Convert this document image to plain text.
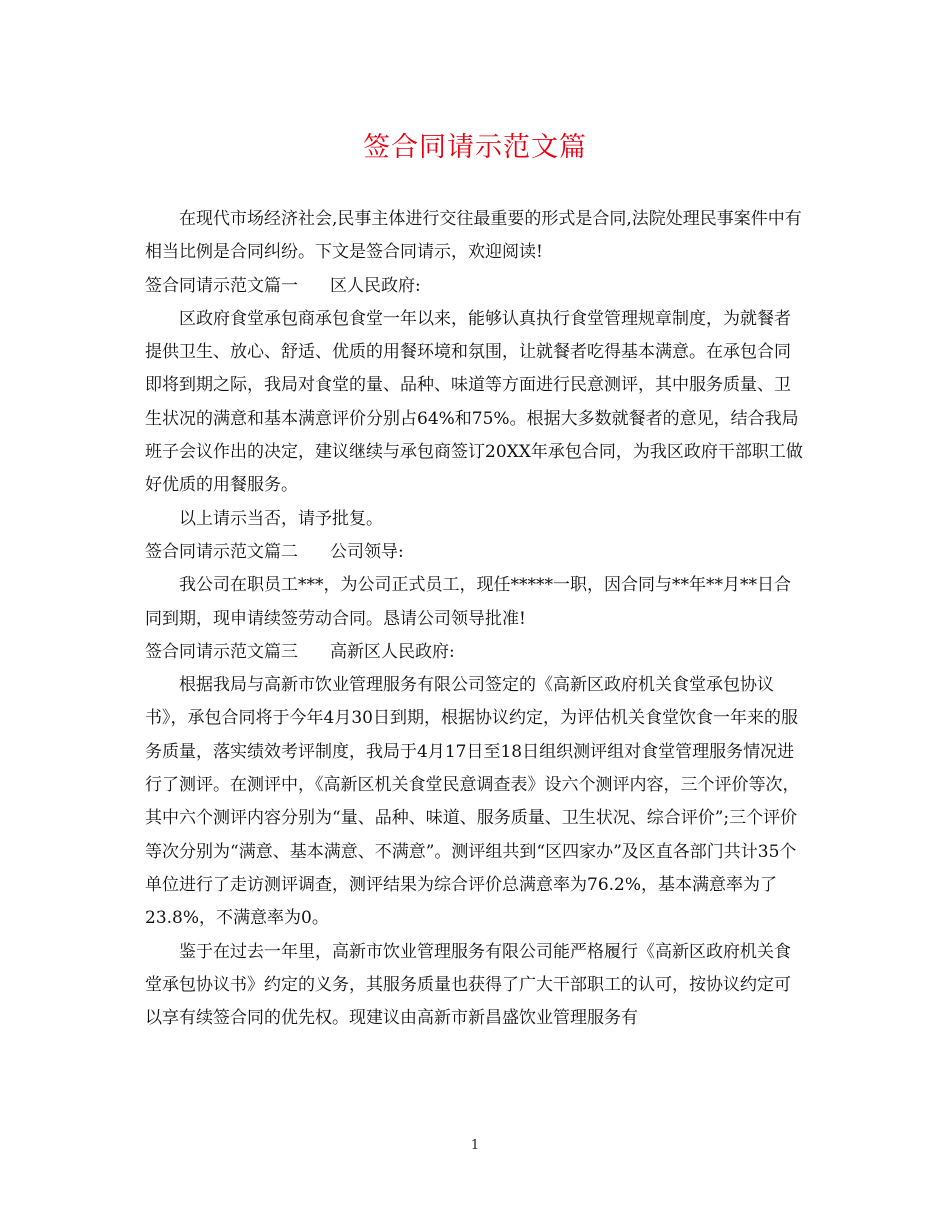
签合同请示范文篇

在现代市场经济社会,民事主体进行交往最重要的形式是合同,法院处理民事案件中有相当比例是合同纠纷。下文是签合同请示，欢迎阅读!

签合同请示范文篇一 区人民政府:

区政府食堂承包商承包食堂一年以来，能够认真执行食堂管理规章制度，为就餐者提供卫生、放心、舒适、优质的用餐环境和氛围，让就餐者吃得基本满意。在承包合同即将到期之际，我局对食堂的量、品种、味道等方面进行民意测评，其中服务质量、卫生状况的满意和基本满意评价分别占64%和75%。根据大多数就餐者的意见，结合我局班子会议作出的决定，建议继续与承包商签订20XX年承包合同，为我区政府干部职工做好优质的用餐服务。

以上请示当否，请予批复。

签合同请示范文篇二 公司领导:

我公司在职员工***，为公司正式员工，现任*****一职，因合同与**年**月**日合同到期，现申请续签劳动合同。恳请公司领导批准!

签合同请示范文篇三 高新区人民政府:

根据我局与高新市饮业管理服务有限公司签定的《高新区政府机关食堂承包协议书》，承包合同将于今年4月30日到期，根据协议约定，为评估机关食堂饮食一年来的服务质量，落实绩效考评制度，我局于4月17日至18日组织测评组对食堂管理服务情况进行了测评。在测评中，《高新区机关食堂民意调查表》设六个测评内容，三个评价等次，其中六个测评内容分别为“量、品种、味道、服务质量、卫生状况、综合评价”;三个评价等次分别为“满意、基本满意、不满意”。测评组共到“区四家办”及区直各部门共计35个单位进行了走访测评调查，测评结果为综合评价总满意率为76.2%，基本满意率为了23.8%，不满意率为0。

鉴于在过去一年里，高新市饮业管理服务有限公司能严格履行《高新区政府机关食堂承包协议书》约定的义务，其服务质量也获得了广大干部职工的认可，按协议约定可以享有续签合同的优先权。现建议由高新市新昌盛饮业管理服务有

1
